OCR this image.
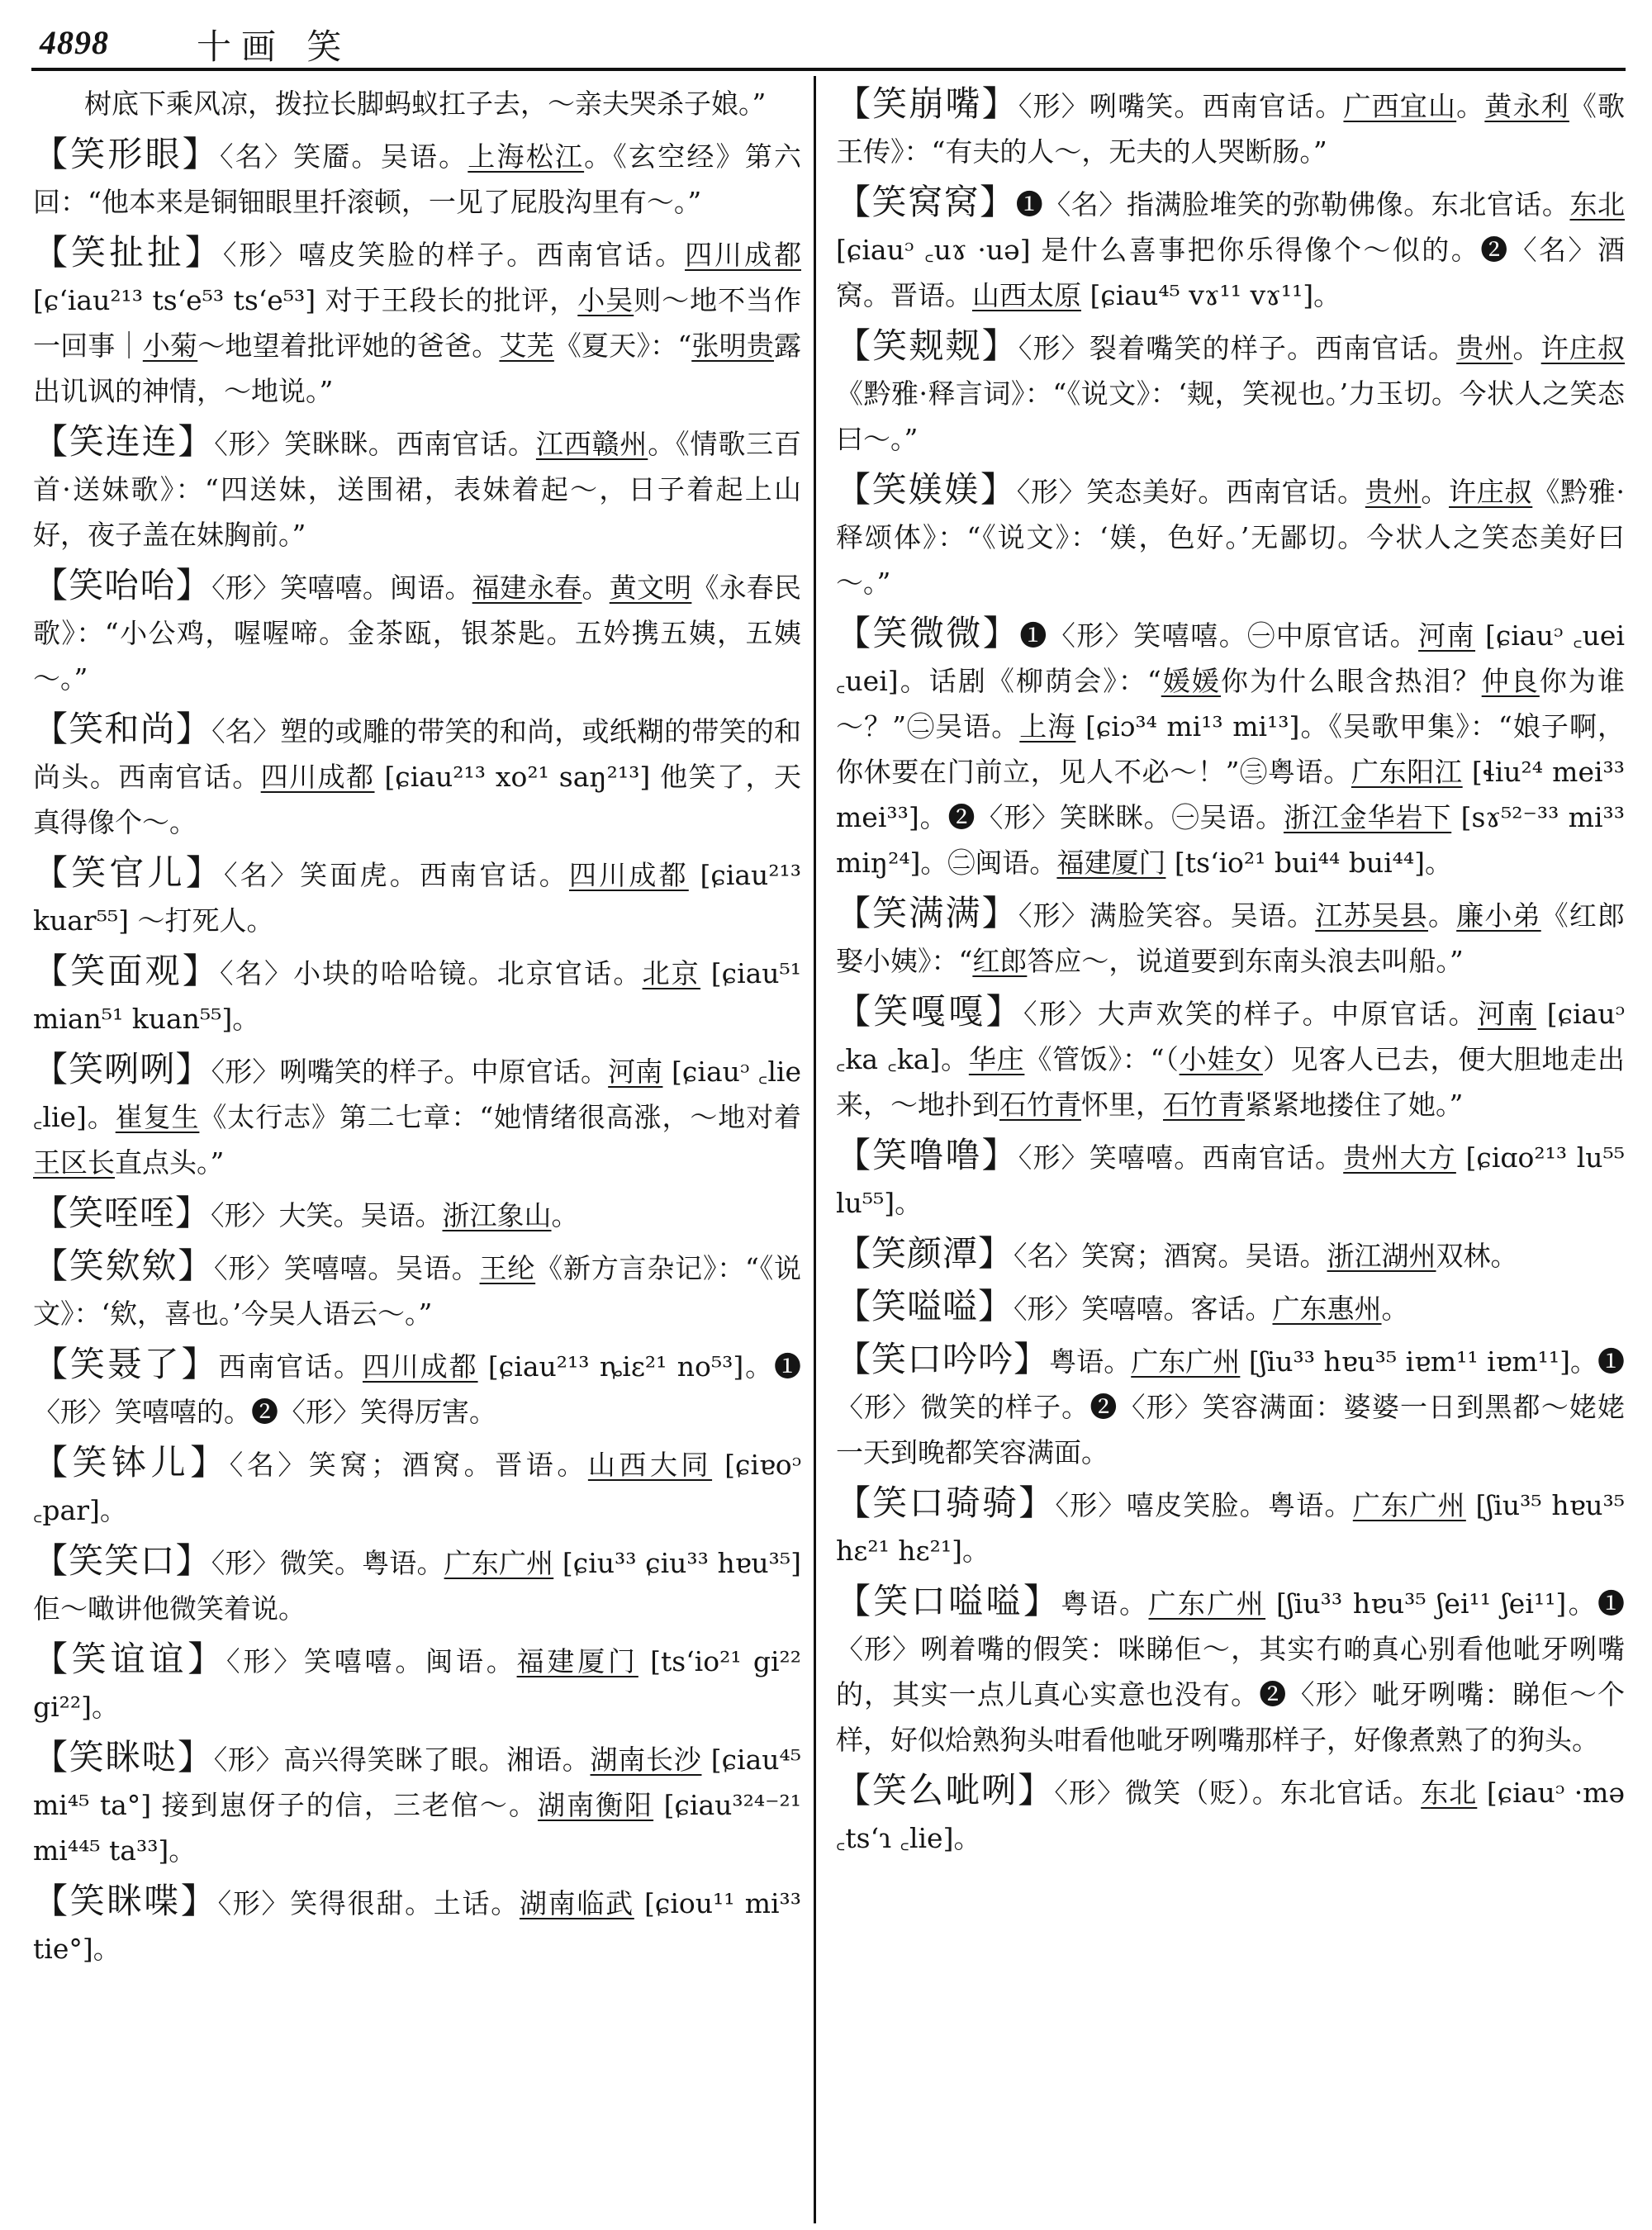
4898	十画 笑

树底下乘风凉，拨拉长脚蚂蚁扛子去，～亲夫哭杀子娘。”

【笑形眼】〈名〉笑靥。吴语。上海松江。《玄空经》第六回：“他本来是铜钿眼里扦滚顿，一见了屁股沟里有～。”

【笑扯扯】〈形〉嘻皮笑脸的样子。西南官话。四川成都 [ɕ‘iau²¹³ ts‘e⁵³ ts‘e⁵³] 对于王段长的批评，小吴则～地不当作一回事｜小菊～地望着批评她的爸爸。艾芜《夏天》：“张明贵露出讥讽的神情，～地说。”

【笑连连】〈形〉笑眯眯。西南官话。江西赣州。《情歌三百首·送妹歌》：“四送妹，送围裙，表妹着起～，日子着起上山好，夜子盖在妹胸前。”

【笑咍咍】〈形〉笑嘻嘻。闽语。福建永春。黄文明《永春民歌》：“小公鸡，喔喔啼。金茶瓯，银茶匙。五妗携五姨，五姨～。”

【笑和尚】〈名〉塑的或雕的带笑的和尚，或纸糊的带笑的和尚头。西南官话。四川成都 [ɕiau²¹³ xo²¹ saŋ²¹³] 他笑了，天真得像个～。

【笑官儿】〈名〉笑面虎。西南官话。四川成都 [ɕiau²¹³ kuar⁵⁵] ～打死人。

【笑面观】〈名〉小块的哈哈镜。北京官话。北京 [ɕiau⁵¹ mian⁵¹ kuan⁵⁵]。

【笑咧咧】〈形〉咧嘴笑的样子。中原官话。河南 [ɕiauᵓ ꜀lie ꜀lie]。崔复生《太行志》第二七章：“她情绪很高涨，～地对着王区长直点头。”

【笑咥咥】〈形〉大笑。吴语。浙江象山。

【笑欸欸】〈形〉笑嘻嘻。吴语。王纶《新方言杂记》：“《说文》：‘欸，喜也。’今吴人语云～。”

【笑聂了】西南官话。四川成都 [ɕiau²¹³ ȵiɛ²¹ no⁵³]。❶〈形〉笑嘻嘻的。❷〈形〉笑得厉害。

【笑钵儿】〈名〉笑窝；酒窝。晋语。山西大同 [ɕiɐoᵓ ꜀par]。

【笑笑口】〈形〉微笑。粤语。广东广州 [ɕiu³³ ɕiu³³ hɐu³⁵] 佢～噉讲他微笑着说。

【笑谊谊】〈形〉笑嘻嘻。闽语。福建厦门 [ts‘io²¹ gi²² gi²²]。

【笑眯哒】〈形〉高兴得笑眯了眼。湘语。湖南长沙 [ɕiau⁴⁵ mi⁴⁵ ta°] 接到崽伢子的信，三老倌～。湖南衡阳 [ɕiau³²⁴⁻²¹ mi⁴⁴⁵ ta³³]。

【笑眯喋】〈形〉笑得很甜。土话。湖南临武 [ɕiou¹¹ mi³³ tie°]。

【笑崩嘴】〈形〉咧嘴笑。西南官话。广西宜山。黄永利《歌王传》：“有夫的人～，无夫的人哭断肠。”

【笑窝窝】❶〈名〉指满脸堆笑的弥勒佛像。东北官话。东北 [ɕiauᵓ ꜀uɤ ·uə] 是什么喜事把你乐得像个～似的。❷〈名〉酒窝。晋语。山西太原 [ɕiau⁴⁵ vɤ¹¹ vɤ¹¹]。

【笑觌觌】〈形〉裂着嘴笑的样子。西南官话。贵州。许庄叔《黔雅·释言词》：“《说文》：‘觌，笑视也。’力玉切。今状人之笑态曰～。”

【笑媄媄】〈形〉笑态美好。西南官话。贵州。许庄叔《黔雅·释颂体》：“《说文》：‘媄，色好。’无鄙切。今状人之笑态美好曰～。”

【笑微微】❶〈形〉笑嘻嘻。㊀中原官话。河南 [ɕiauᵓ ꜀uei ꜀uei]。话剧《柳荫会》：“媛媛你为什么眼含热泪？仲良你为谁～？”㊁吴语。上海 [ɕiɔ³⁴ mi¹³ mi¹³]。《吴歌甲集》：“娘子啊，你休要在门前立，见人不必～！”㊂粤语。广东阳江 [ɬiu²⁴ mei³³ mei³³]。❷〈形〉笑眯眯。㊀吴语。浙江金华岩下 [sɤ⁵²⁻³³ mi³³ miŋ²⁴]。㊁闽语。福建厦门 [ts‘io²¹ bui⁴⁴ bui⁴⁴]。

【笑满满】〈形〉满脸笑容。吴语。江苏吴县。廉小弟《红郎娶小姨》：“红郎答应～，说道要到东南头浪去叫船。”

【笑嘎嘎】〈形〉大声欢笑的样子。中原官话。河南 [ɕiauᵓ ꜀ka ꜀ka]。华庄《管饭》：“（小娃女）见客人已去，便大胆地走出来，～地扑到石竹青怀里，石竹青紧紧地搂住了她。”

【笑噜噜】〈形〉笑嘻嘻。西南官话。贵州大方 [ɕiɑo²¹³ lu⁵⁵ lu⁵⁵]。

【笑颜潭】〈名〉笑窝；酒窝。吴语。浙江湖州双林。

【笑嗌嗌】〈形〉笑嘻嘻。客话。广东惠州。

【笑口吟吟】粤语。广东广州 [ʃiu³³ hɐu³⁵ iɐm¹¹ iɐm¹¹]。❶〈形〉微笑的样子。❷〈形〉笑容满面：婆婆一日到黑都～姥姥一天到晚都笑容满面。

【笑口骑骑】〈形〉嘻皮笑脸。粤语。广东广州 [ʃiu³⁵ hɐu³⁵ hɛ²¹ hɛ²¹]。

【笑口嗌嗌】粤语。广东广州 [ʃiu³³ hɐu³⁵ ʃei¹¹ ʃei¹¹]。❶〈形〉咧着嘴的假笑：咪睇佢～，其实冇啲真心别看他呲牙咧嘴的，其实一点儿真心实意也没有。❷〈形〉呲牙咧嘴：睇佢～个样，好似烚熟狗头咁看他呲牙咧嘴那样子，好像煮熟了的狗头。

【笑么呲咧】〈形〉微笑（贬）。东北官话。东北 [ɕiauᵓ ·mə ꜀ts‘ɿ ꜀lie]。
